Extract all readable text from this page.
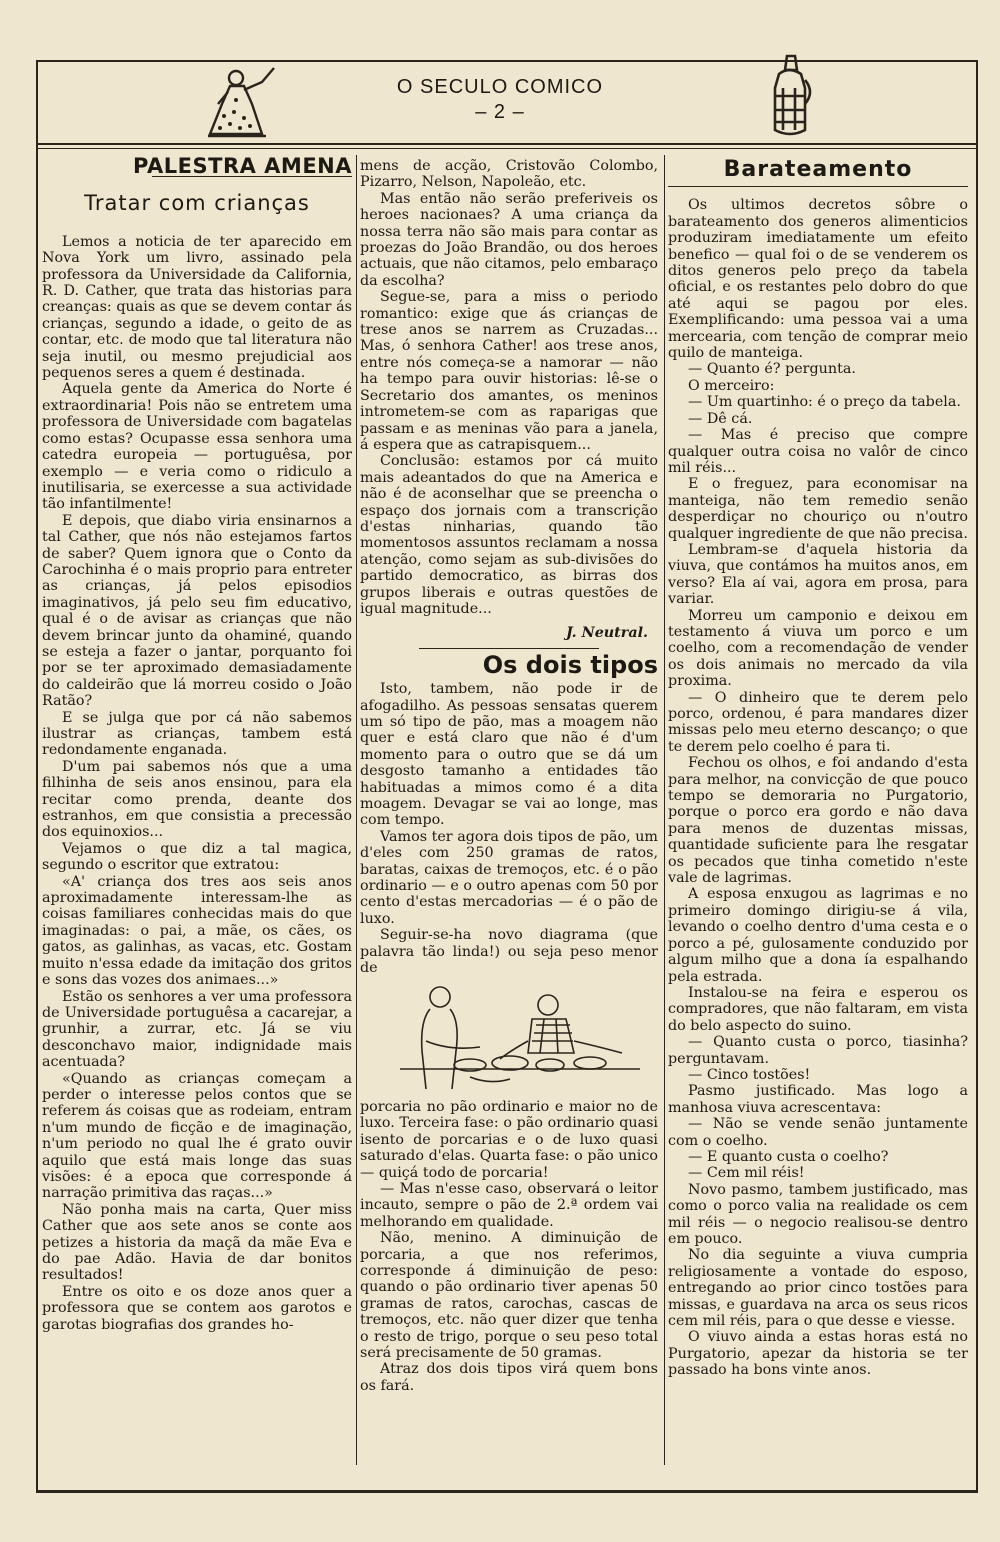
O SECULO COMICO
– 2 –
PALESTRA AMENA
Tratar com crianças

Lemos a noticia de ter aparecido em Nova York um livro, assinado pela professora da Universidade da California, R. D. Cather, que trata das historias para creanças: quais as que se devem contar ás crianças, segundo a idade, o geito de as contar, etc. de modo que tal literatura não seja inutil, ou mesmo prejudicial aos pequenos seres a quem é destinada.

Aquela gente da America do Norte é extraordinaria! Pois não se entretem uma professora de Universidade com bagatelas como estas? Ocupasse essa senhora uma catedra europeia — portuguêsa, por exemplo — e veria como o ridiculo a inutilisaria, se exercesse a sua actividade tão infantilmente!

E depois, que diabo viria ensinarnos a tal Cather, que nós não estejamos fartos de saber? Quem ignora que o Conto da Carochinha é o mais proprio para entreter as crianças, já pelos episodios imaginativos, já pelo seu fim educativo, qual é o de avisar as crianças que não devem brincar junto da ohaminé, quando se esteja a fazer o jantar, porquanto foi por se ter aproximado demasiadamente do caldeirão que lá morreu cosido o João Ratão?

E se julga que por cá não sabemos ilustrar as crianças, tambem está redondamente enganada.

D'um pai sabemos nós que a uma filhinha de seis anos ensinou, para ela recitar como prenda, deante dos estranhos, em que consistia a precessão dos equinoxios...

Vejamos o que diz a tal magica, segundo o escritor que extratou:

«A' criança dos tres aos seis anos aproximadamente interessam-lhe as coisas familiares conhecidas mais do que imaginadas: o pai, a mãe, os cães, os gatos, as galinhas, as vacas, etc. Gostam muito n'essa edade da imitação dos gritos e sons das vozes dos animaes...»

Estão os senhores a ver uma professora de Universidade portuguêsa a cacarejar, a grunhir, a zurrar, etc. Já se viu desconchavo maior, indignidade mais acentuada?

«Quando as crianças começam a perder o interesse pelos contos que se referem ás coisas que as rodeiam, entram n'um mundo de ficção e de imaginação, n'um periodo no qual lhe é grato ouvir aquilo que está mais longe das suas visões: é a epoca que corresponde á narração primitiva das raças...»

Não ponha mais na carta, Quer miss Cather que aos sete anos se conte aos petizes a historia da maçã da mãe Eva e do pae Adão. Havia de dar bonitos resultados!

Entre os oito e os doze anos quer a professora que se contem aos garotos e garotas biografias dos grandes ho-

mens de acção, Cristovão Colombo, Pizarro, Nelson, Napoleão, etc.

Mas então não serão preferiveis os heroes nacionaes? A uma criança da nossa terra não são mais para contar as proezas do João Brandão, ou dos heroes actuais, que não citamos, pelo embaraço da escolha?

Segue-se, para a miss o periodo romantico: exige que ás crianças de trese anos se narrem as Cruzadas... Mas, ó senhora Cather! aos trese anos, entre nós começa-se a namorar — não ha tempo para ouvir historias: lê-se o Secretario dos amantes, os meninos intrometem-se com as raparigas que passam e as meninas vão para a janela, á espera que as catrapisquem...

Conclusão: estamos por cá muito mais adeantados do que na America e não é de aconselhar que se preencha o espaço dos jornais com a transcrição d'estas ninharias, quando tão momentosos assuntos reclamam a nossa atenção, como sejam as sub-divisões do partido democratico, as birras dos grupos liberais e outras questões de igual magnitude...

J. Neutral.
Os dois tipos

Isto, tambem, não pode ir de afogadilho. As pessoas sensatas querem um só tipo de pão, mas a moagem não quer e está claro que não é d'um momento para o outro que se dá um desgosto tamanho a entidades tão habituadas a mimos como é a dita moagem. Devagar se vai ao longe, mas com tempo.

Vamos ter agora dois tipos de pão, um d'eles com 250 gramas de ratos, baratas, caixas de tremoços, etc. é o pão ordinario — e o outro apenas com 50 por cento d'estas mercadorias — é o pão de luxo.

Seguir-se-ha novo diagrama (que palavra tão linda!) ou seja peso menor de

porcaria no pão ordinario e maior no de luxo. Terceira fase: o pão ordinario quasi isento de porcarias e o de luxo quasi saturado d'elas. Quarta fase: o pão unico — quiçá todo de porcaria!

— Mas n'esse caso, observará o leitor incauto, sempre o pão de 2.ª ordem vai melhorando em qualidade.

Não, menino. A diminuição de porcaria, a que nos referimos, corresponde á diminuição de peso: quando o pão ordinario tiver apenas 50 gramas de ratos, carochas, cascas de tremoços, etc. não quer dizer que tenha o resto de trigo, porque o seu peso total será precisamente de 50 gramas.

Atraz dos dois tipos virá quem bons os fará.

Barateamento

Os ultimos decretos sôbre o barateamento dos generos alimenticios produziram imediatamente um efeito benefico — qual foi o de se venderem os ditos generos pelo preço da tabela oficial, e os restantes pelo dobro do que até aqui se pagou por eles. Exemplificando: uma pessoa vai a uma mercearia, com tenção de comprar meio quilo de manteiga.

— Quanto é? pergunta.

O merceiro:

— Um quartinho: é o preço da tabela.

— Dê cá.

— Mas é preciso que compre qualquer outra coisa no valôr de cinco mil réis...

E o freguez, para economisar na manteiga, não tem remedio senão desperdiçar no chouriço ou n'outro qualquer ingrediente de que não precisa.

Lembram-se d'aquela historia da viuva, que contámos ha muitos anos, em verso? Ela aí vai, agora em prosa, para variar.

Morreu um camponio e deixou em testamento á viuva um porco e um coelho, com a recomendação de vender os dois animais no mercado da vila proxima.

— O dinheiro que te derem pelo porco, ordenou, é para mandares dizer missas pelo meu eterno descanço; o que te derem pelo coelho é para ti.

Fechou os olhos, e foi andando d'esta para melhor, na convicção de que pouco tempo se demoraria no Purgatorio, porque o porco era gordo e não dava para menos de duzentas missas, quantidade suficiente para lhe resgatar os pecados que tinha cometido n'este vale de lagrimas.

A esposa enxugou as lagrimas e no primeiro domingo dirigiu-se á vila, levando o coelho dentro d'uma cesta e o porco a pé, gulosamente conduzido por algum milho que a dona ía espalhando pela estrada.

Instalou-se na feira e esperou os compradores, que não faltaram, em vista do belo aspecto do suino.

— Quanto custa o porco, tiasinha? perguntavam.

— Cinco tostões!

Pasmo justificado. Mas logo a manhosa viuva acrescentava:

— Não se vende senão juntamente com o coelho.

— E quanto custa o coelho?

— Cem mil réis!

Novo pasmo, tambem justificado, mas como o porco valia na realidade os cem mil réis — o negocio realisou-se dentro em pouco.

No dia seguinte a viuva cumpria religiosamente a vontade do esposo, entregando ao prior cinco tostões para missas, e guardava na arca os seus ricos cem mil réis, para o que desse e viesse.

O viuvo ainda a estas horas está no Purgatorio, apezar da historia se ter passado ha bons vinte anos.
